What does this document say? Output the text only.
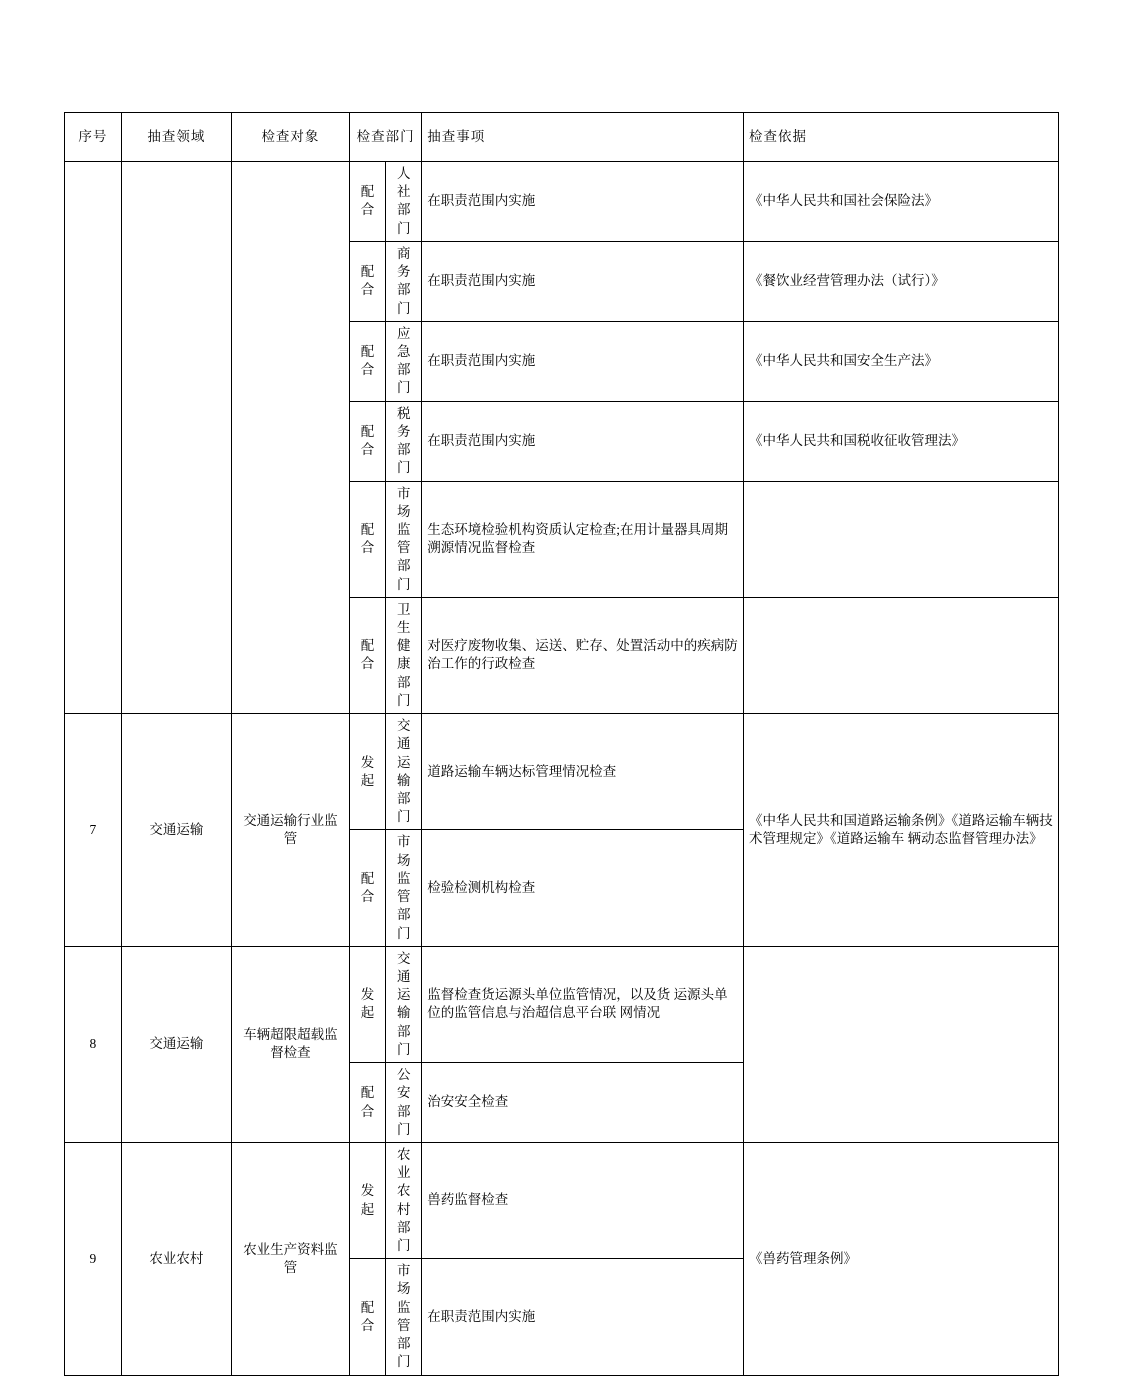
序号	抽查领域	检查对象	检查部门		抽查事项	检查依据
			配合	人社部门	在职责范围内实施	《中华人民共和国社会保险法》
			配合	商务部门	在职责范围内实施	《餐饮业经营管理办法（试行）》
			配合	应急部门	在职责范围内实施	《中华人民共和国安全生产法》
			配合	税务部门	在职责范围内实施	《中华人民共和国税收征收管理法》
			配合	市场监管部门	生态环境检验机构资质认定检查;在用计量器具周期溯源情况监督检查	
			配合	卫生健康部门	对医疗废物收集、运送、贮存、处置活动中的疾病防治工作的行政检查	
7	交通运输	交通运输行业监管	发起	交通运输部门	道路运输车辆达标管理情况检查	《中华人民共和国道路运输条例》《道路运输车辆技 术管理规定》《道路运输车 辆动态监督管理办法》
			配合	市场监管部门	检验检测机构检查	
8	交通运输	车辆超限超载监督检查	发起	交通运输部门	监督检查货运源头单位监管情况，以及货 运源头单位的监管信息与治超信息平台联 网情况	
			配合	公安部门	治安安全检查	
9	农业农村	农业生产资料监管	发起	农业农村部门	兽药监督检查	《兽药管理条例》
			配合	市场监管部门	在职责范围内实施	
